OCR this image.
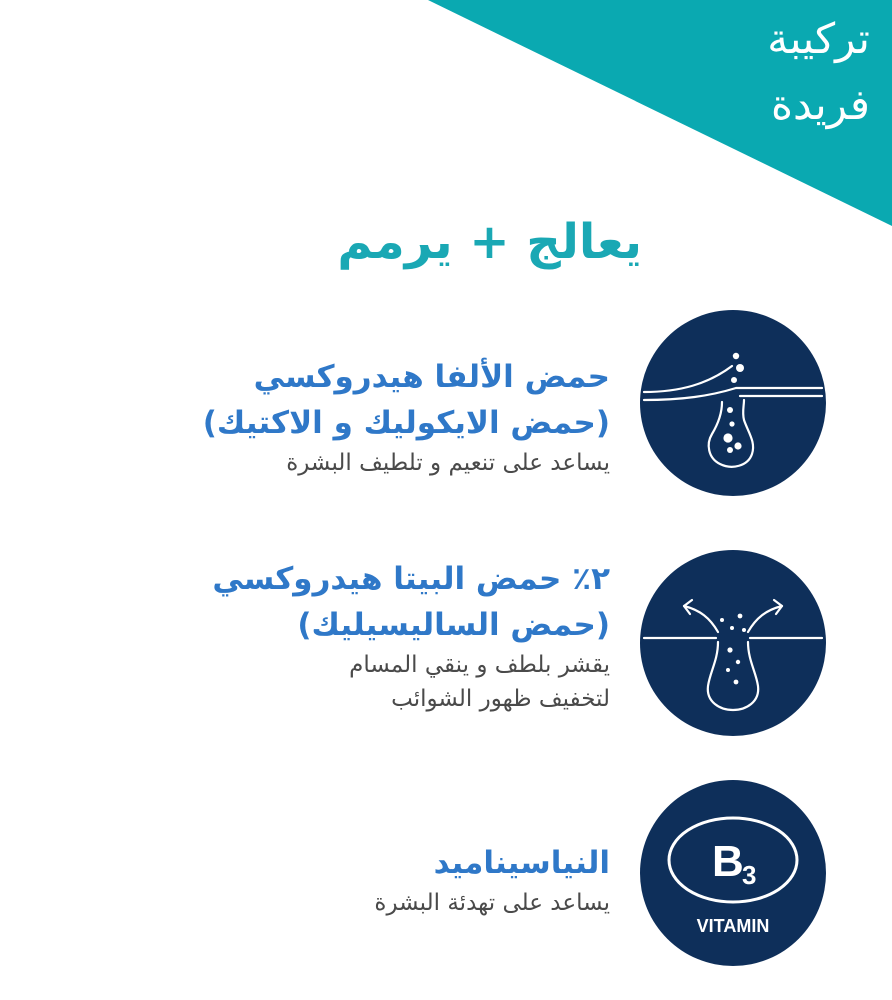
تركيبة
فريدة
يعالج + يرمم
حمض الألفا هيدروكسي
(حمض الايكوليك و الاكتيك)
يساعد على تنعيم و تلطيف البشرة
٢٪ حمض البيتا هيدروكسي
(حمض الساليسيليك)
يقشر بلطف و ينقي المسام
لتخفيف ظهور الشوائب
النياسيناميد
يساعد على تهدئة البشرة
B
3
VITAMIN
